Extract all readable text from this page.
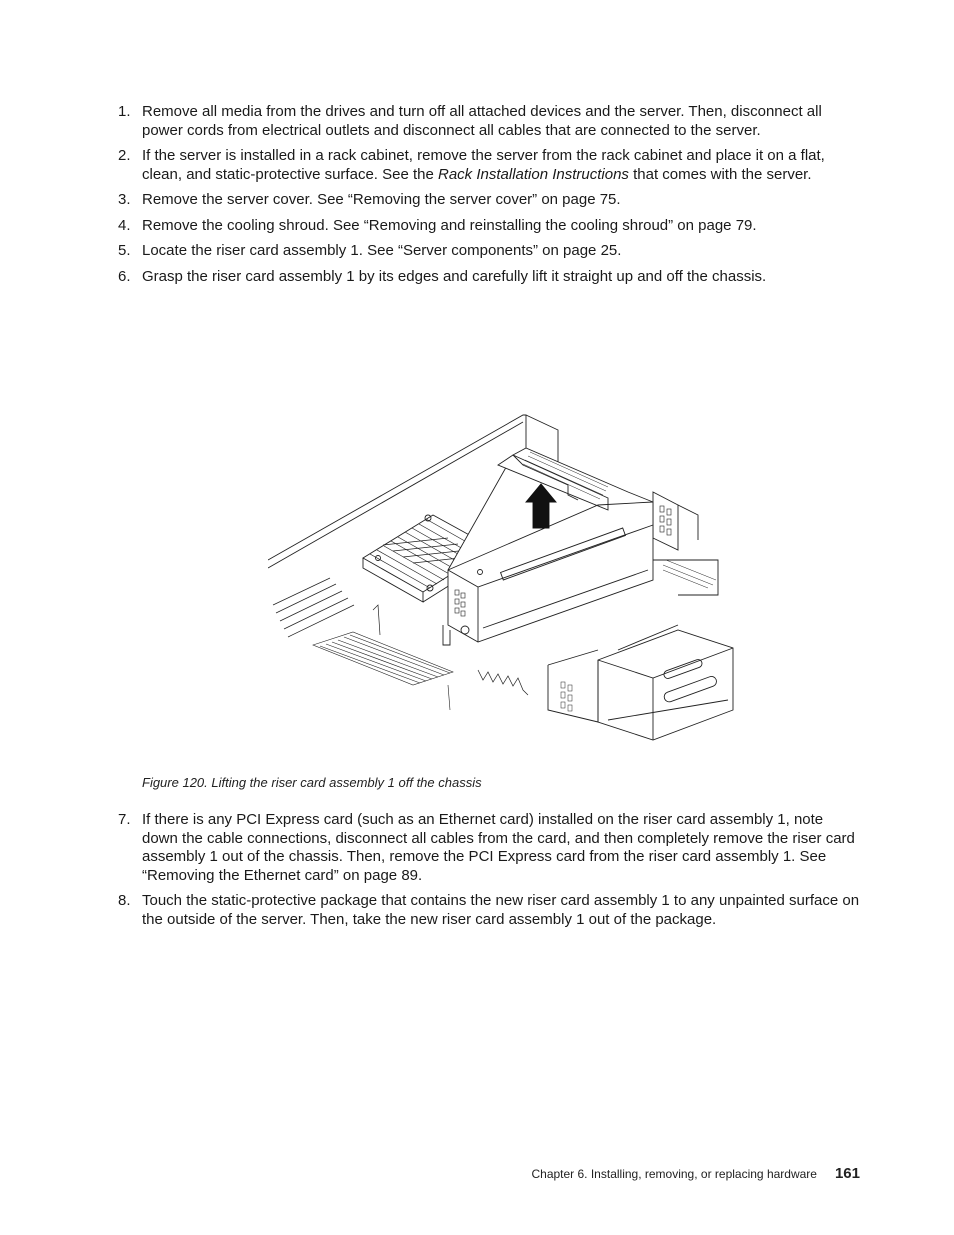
1. Remove all media from the drives and turn off all attached devices and the server. Then, disconnect all power cords from electrical outlets and disconnect all cables that are connected to the server.
2. If the server is installed in a rack cabinet, remove the server from the rack cabinet and place it on a flat, clean, and static-protective surface. See the Rack Installation Instructions that comes with the server.
3. Remove the server cover. See “Removing the server cover” on page 75.
4. Remove the cooling shroud. See “Removing and reinstalling the cooling shroud” on page 79.
5. Locate the riser card assembly 1. See “Server components” on page 25.
6. Grasp the riser card assembly 1 by its edges and carefully lift it straight up and off the chassis.
Figure 120. Lifting the riser card assembly 1 off the chassis
7. If there is any PCI Express card (such as an Ethernet card) installed on the riser card assembly 1, note down the cable connections, disconnect all cables from the card, and then completely remove the riser card assembly 1 out of the chassis. Then, remove the PCI Express card from the riser card assembly 1. See “Removing the Ethernet card” on page 89.
8. Touch the static-protective package that contains the new riser card assembly 1 to any unpainted surface on the outside of the server. Then, take the new riser card assembly 1 out of the package.
Chapter 6. Installing, removing, or replacing hardware 161
